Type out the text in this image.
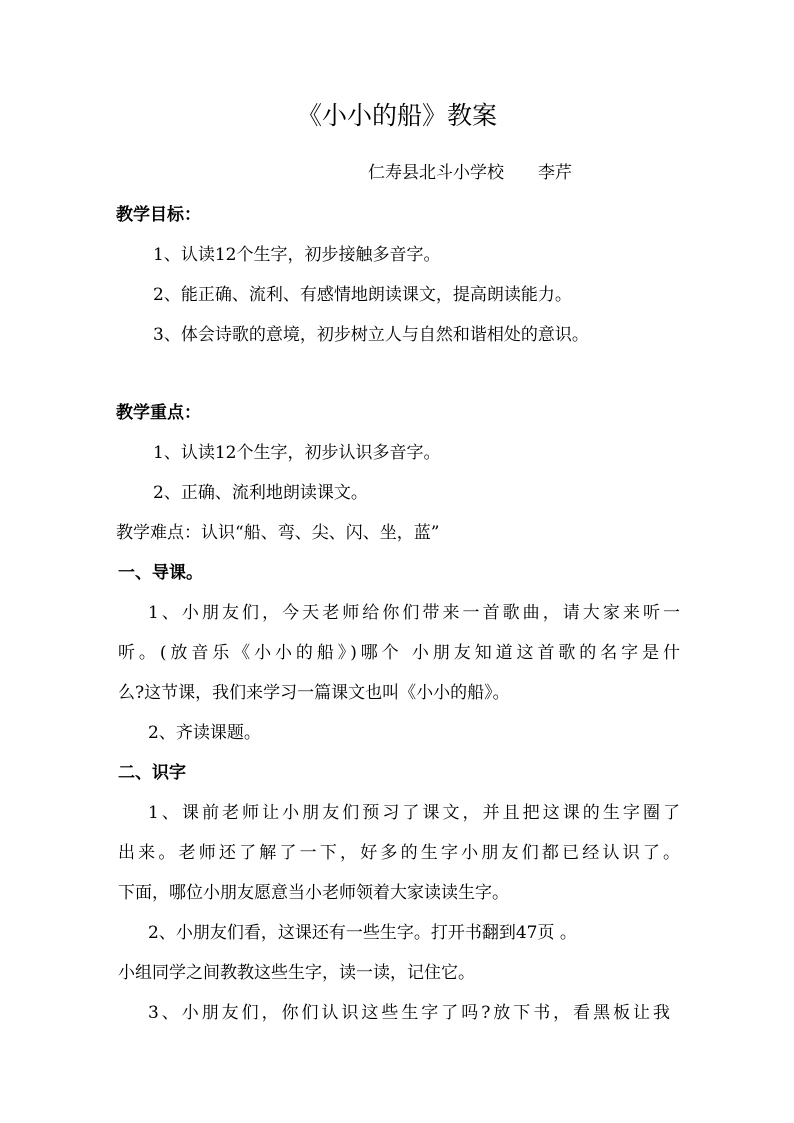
《小小的船》教案
仁寿县北斗小学校 李芹
教学目标：
1、认读12个生字，初步接触多音字。
2、能正确、流利、有感情地朗读课文，提高朗读能力。
3、体会诗歌的意境，初步树立人与自然和谐相处的意识。
教学重点：
1、认读12个生字，初步认识多音字。
2、正确、流利地朗读课文。
教学难点：认识“船、弯、尖、闪、坐，蓝”
一、导课。
1、小朋友们，今天老师给你们带来一首歌曲，请大家来听一
听。(放音乐《小小的船》)哪个 小朋友知道这首歌的名字是什
么?这节课，我们来学习一篇课文也叫《小小的船》。
2、齐读课题。
二、识字
1、课前老师让小朋友们预习了课文，并且把这课的生字圈了
出来。老师还了解了一下，好多的生字小朋友们都已经认识了。
下面，哪位小朋友愿意当小老师领着大家读读生字。
2、小朋友们看，这课还有一些生字。打开书翻到47页 。
小组同学之间教教这些生字，读一读，记住它。
3、小朋友们，你们认识这些生字了吗?放下书，看黑板让我
